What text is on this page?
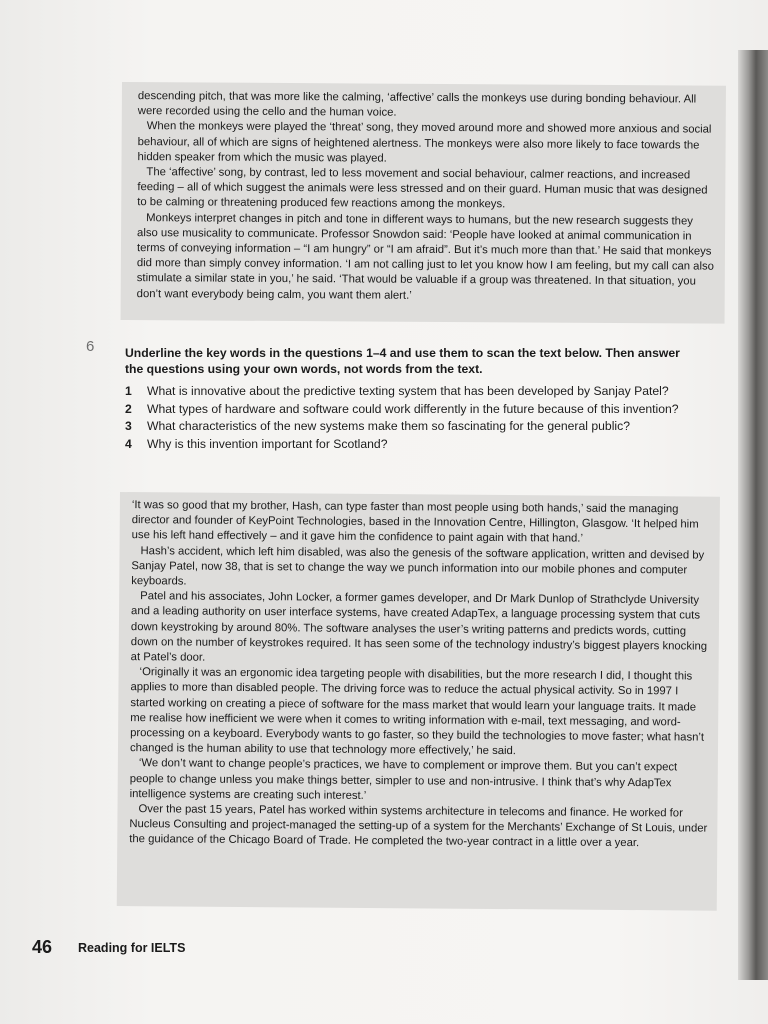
descending pitch, that was more like the calming, ‘affective’ calls the monkeys use during bonding behaviour. All were recorded using the cello and the human voice.

When the monkeys were played the ‘threat’ song, they moved around more and showed more anxious and social behaviour, all of which are signs of heightened alertness. The monkeys were also more likely to face towards the hidden speaker from which the music was played.

The ‘affective’ song, by contrast, led to less movement and social behaviour, calmer reactions, and increased feeding – all of which suggest the animals were less stressed and on their guard. Human music that was designed to be calming or threatening produced few reactions among the monkeys.

Monkeys interpret changes in pitch and tone in different ways to humans, but the new research suggests they also use musicality to communicate. Professor Snowdon said: ‘People have looked at animal communication in terms of conveying information – “I am hungry” or “I am afraid”. But it’s much more than that.’ He said that monkeys did more than simply convey information. ‘I am not calling just to let you know how I am feeling, but my call can also stimulate a similar state in you,’ he said. ‘That would be valuable if a group was threatened. In that situation, you don’t want everybody being calm, you want them alert.’

6	Underline the key words in the questions 1–4 and use them to scan the text below. Then answer the questions using your own words, not words from the text.
1	What is innovative about the predictive texting system that has been developed by Sanjay Patel?
2	What types of hardware and software could work differently in the future because of this invention?
3	What characteristics of the new systems make them so fascinating for the general public?
4	Why is this invention important for Scotland?

‘It was so good that my brother, Hash, can type faster than most people using both hands,’ said the managing director and founder of KeyPoint Technologies, based in the Innovation Centre, Hillington, Glasgow. ‘It helped him use his left hand effectively – and it gave him the confidence to paint again with that hand.’

Hash’s accident, which left him disabled, was also the genesis of the software application, written and devised by Sanjay Patel, now 38, that is set to change the way we punch information into our mobile phones and computer keyboards.

Patel and his associates, John Locker, a former games developer, and Dr Mark Dunlop of Strathclyde University and a leading authority on user interface systems, have created AdapTex, a language processing system that cuts down keystroking by around 80%. The software analyses the user’s writing patterns and predicts words, cutting down on the number of keystrokes required. It has seen some of the technology industry’s biggest players knocking at Patel’s door.

‘Originally it was an ergonomic idea targeting people with disabilities, but the more research I did, I thought this applies to more than disabled people. The driving force was to reduce the actual physical activity. So in 1997 I started working on creating a piece of software for the mass market that would learn your language traits. It made me realise how inefficient we were when it comes to writing information with e-mail, text messaging, and word-processing on a keyboard. Everybody wants to go faster, so they build the technologies to move faster; what hasn’t changed is the human ability to use that technology more effectively,’ he said.

‘We don’t want to change people’s practices, we have to complement or improve them. But you can’t expect people to change unless you make things better, simpler to use and non-intrusive. I think that’s why AdapTex intelligence systems are creating such interest.’

Over the past 15 years, Patel has worked within systems architecture in telecoms and finance. He worked for Nucleus Consulting and project-managed the setting-up of a system for the Merchants’ Exchange of St Louis, under the guidance of the Chicago Board of Trade. He completed the two-year contract in a little over a year.

46 Reading for IELTS
